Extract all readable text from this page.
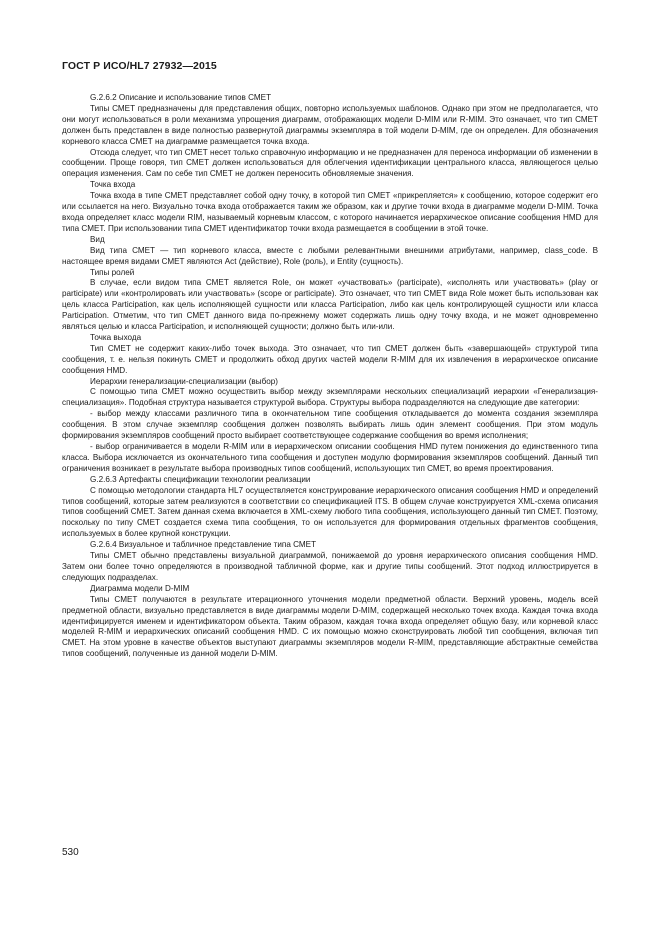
ГОСТ Р ИСО/HL7 27932—2015

G.2.6.2 Описание и использование типов СМЕТ

Типы СМЕТ предназначены для представления общих, повторно используемых шаблонов. Однако при этом не предполагается, что они могут использоваться в роли механизма упрощения диаграмм, отображающих модели D-MIM или R-MIM. Это означает, что тип СМЕТ должен быть представлен в виде полностью развернутой диаграммы экземпляра в той модели D-MIM, где он определен. Для обозначения корневого класса СМЕТ на диаграмме размещается точка входа.

Отсюда следует, что тип СМЕТ несет только справочную информацию и не предназначен для переноса информации об изменении в сообщении. Проще говоря, тип СМЕТ должен использоваться для облегчения идентификации центрального класса, являющегося целью операция изменения. Сам по себе тип СМЕТ не должен переносить обновляемые значения.

Точка входа

Точка входа в типе СМЕТ представляет собой одну точку, в которой тип СМЕТ «прикрепляется» к сообщению, которое содержит его или ссылается на него. Визуально точка входа отображается таким же образом, как и другие точки входа в диаграмме модели D-MIM. Точка входа определяет класс модели RIM, называемый корневым классом, с которого начинается иерархическое описание сообщения HMD для типа СМЕТ. При использовании типа СМЕТ идентификатор точки входа размещается в сообщении в этой точке.

Вид

Вид типа СМЕТ — тип корневого класса, вместе с любыми релевантными внешними атрибутами, например, class_code. В настоящее время видами СМЕТ являются Act (действие), Role (роль), и Entity (сущность).

Типы ролей

В случае, если видом типа СМЕТ является Role, он может «участвовать» (participate), «исполнять или участвовать» (play or participate) или «контролировать или участвовать» (scope or participate). Это означает, что тип СМЕТ вида Role может быть использован как цель класса Participation, как цель исполняющей сущности или класса Participation, либо как цель контролирующей сущности или класса Participation. Отметим, что тип СМЕТ данного вида по-прежнему может содержать лишь одну точку входа, и не может одновременно являться целью и класса Participation, и исполняющей сущности; должно быть или-или.

Точка выхода

Тип СМЕТ не содержит каких-либо точек выхода. Это означает, что тип СМЕТ должен быть «завершающей» структурой типа сообщения, т. е. нельзя покинуть СМЕТ и продолжить обход других частей модели R-MIM для их извлечения в иерархическое описание сообщения HMD.

Иерархии генерализации-специализации (выбор)

С помощью типа СМЕТ можно осуществить выбор между экземплярами нескольких специализаций иерархии «Генерализация-специализация». Подобная структура называется структурой выбора. Структуры выбора подразделяются на следующие две категории:

- выбор между классами различного типа в окончательном типе сообщения откладывается до момента создания экземпляра сообщения. В этом случае экземпляр сообщения должен позволять выбирать лишь один элемент сообщения. При этом модуль формирования экземпляров сообщений просто выбирает соответствующее содержание сообщения во время исполнения;

- выбор ограничивается в модели R-MIM или в иерархическом описании сообщения HMD путем понижения до единственного типа класса. Выбора исключается из окончательного типа сообщения и доступен модулю формирования экземпляров сообщений. Данный тип ограничения возникает в результате выбора производных типов сообщений, использующих тип СМЕТ, во время проектирования.

G.2.6.3 Артефакты спецификации технологии реализации

С помощью методологии стандарта HL7 осуществляется конструирование иерархического описания сообщения HMD и определений типов сообщений, которые затем реализуются в соответствии со спецификацией ITS. В общем случае конструируется XML-схема описания типов сообщений СМЕТ. Затем данная схема включается в XML-схему любого типа сообщения, использующего данный тип СМЕТ. Поэтому, поскольку по типу СМЕТ создается схема типа сообщения, то он используется для формирования отдельных фрагментов сообщения, используемых в более крупной конструкции.

G.2.6.4 Визуальное и табличное представление типа СМЕТ

Типы СМЕТ обычно представлены визуальной диаграммой, понижаемой до уровня иерархического описания сообщения HMD. Затем они более точно определяются в производной табличной форме, как и другие типы сообщений. Этот подход иллюстрируется в следующих подразделах.

Диаграмма модели D-MIM

Типы СМЕТ получаются в результате итерационного уточнения модели предметной области. Верхний уровень, модель всей предметной области, визуально представляется в виде диаграммы модели D-MIM, содержащей несколько точек входа. Каждая точка входа идентифицируется именем и идентификатором объекта. Таким образом, каждая точка входа определяет общую базу, или корневой класс моделей R-MIM и иерархических описаний сообщения HMD. С их помощью можно сконструировать любой тип сообщения, включая тип СМЕТ. На этом уровне в качестве объектов выступают диаграммы экземпляров модели R-MIM, представляющие абстрактные семейства типов сообщений, полученные из данной модели D-MIM.

530
